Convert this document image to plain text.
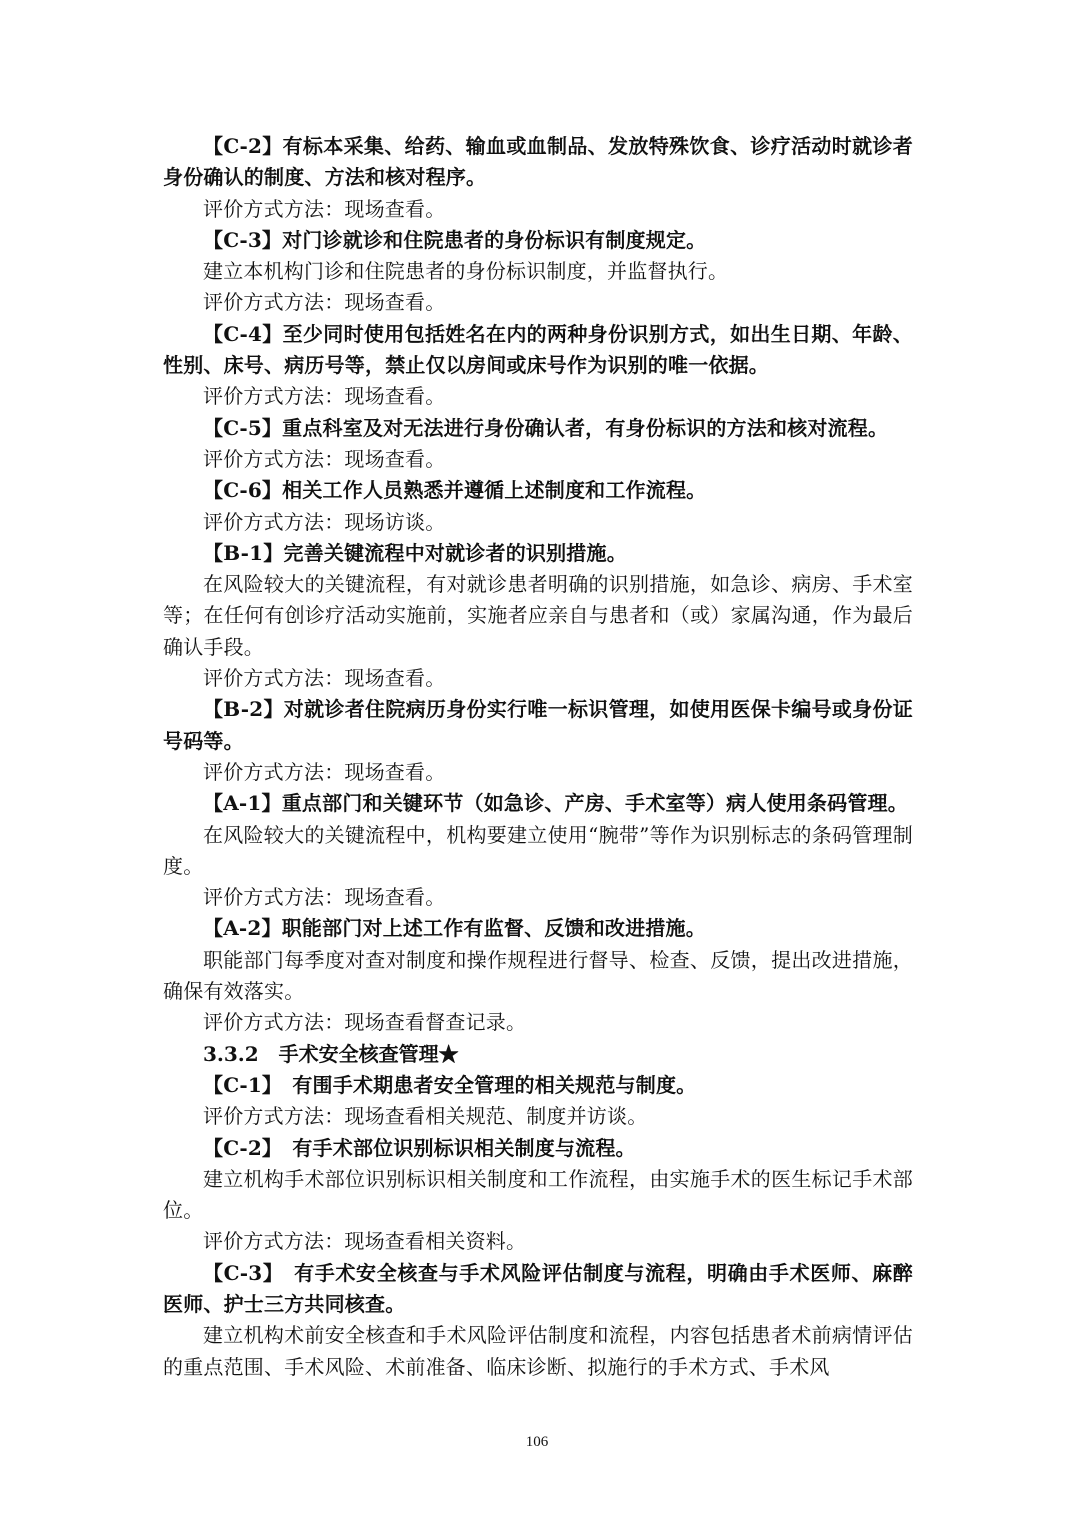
【C-2】有标本采集、给药、输血或血制品、发放特殊饮食、诊疗活动时就诊者身份确认的制度、方法和核对程序。

评价方式方法：现场查看。

【C-3】对门诊就诊和住院患者的身份标识有制度规定。

建立本机构门诊和住院患者的身份标识制度，并监督执行。

评价方式方法：现场查看。

【C-4】至少同时使用包括姓名在内的两种身份识别方式，如出生日期、年龄、性别、床号、病历号等，禁止仅以房间或床号作为识别的唯一依据。

评价方式方法：现场查看。

【C-5】重点科室及对无法进行身份确认者，有身份标识的方法和核对流程。

评价方式方法：现场查看。

【C-6】相关工作人员熟悉并遵循上述制度和工作流程。

评价方式方法：现场访谈。

【B-1】完善关键流程中对就诊者的识别措施。

在风险较大的关键流程，有对就诊患者明确的识别措施，如急诊、病房、手术室等；在任何有创诊疗活动实施前，实施者应亲自与患者和（或）家属沟通，作为最后确认手段。

评价方式方法：现场查看。

【B-2】对就诊者住院病历身份实行唯一标识管理，如使用医保卡编号或身份证号码等。

评价方式方法：现场查看。

【A-1】重点部门和关键环节（如急诊、产房、手术室等）病人使用条码管理。

在风险较大的关键流程中，机构要建立使用“腕带”等作为识别标志的条码管理制度。

评价方式方法：现场查看。

【A-2】职能部门对上述工作有监督、反馈和改进措施。

职能部门每季度对查对制度和操作规程进行督导、检查、反馈，提出改进措施，确保有效落实。

评价方式方法：现场查看督查记录。

3.3.2　手术安全核查管理★

【C-1】　有围手术期患者安全管理的相关规范与制度。

评价方式方法：现场查看相关规范、制度并访谈。

【C-2】　有手术部位识别标识相关制度与流程。

建立机构手术部位识别标识相关制度和工作流程，由实施手术的医生标记手术部位。

评价方式方法：现场查看相关资料。

【C-3】　有手术安全核查与手术风险评估制度与流程，明确由手术医师、麻醉医师、护士三方共同核查。

建立机构术前安全核查和手术风险评估制度和流程，内容包括患者术前病情评估的重点范围、手术风险、术前准备、临床诊断、拟施行的手术方式、手术风

106
